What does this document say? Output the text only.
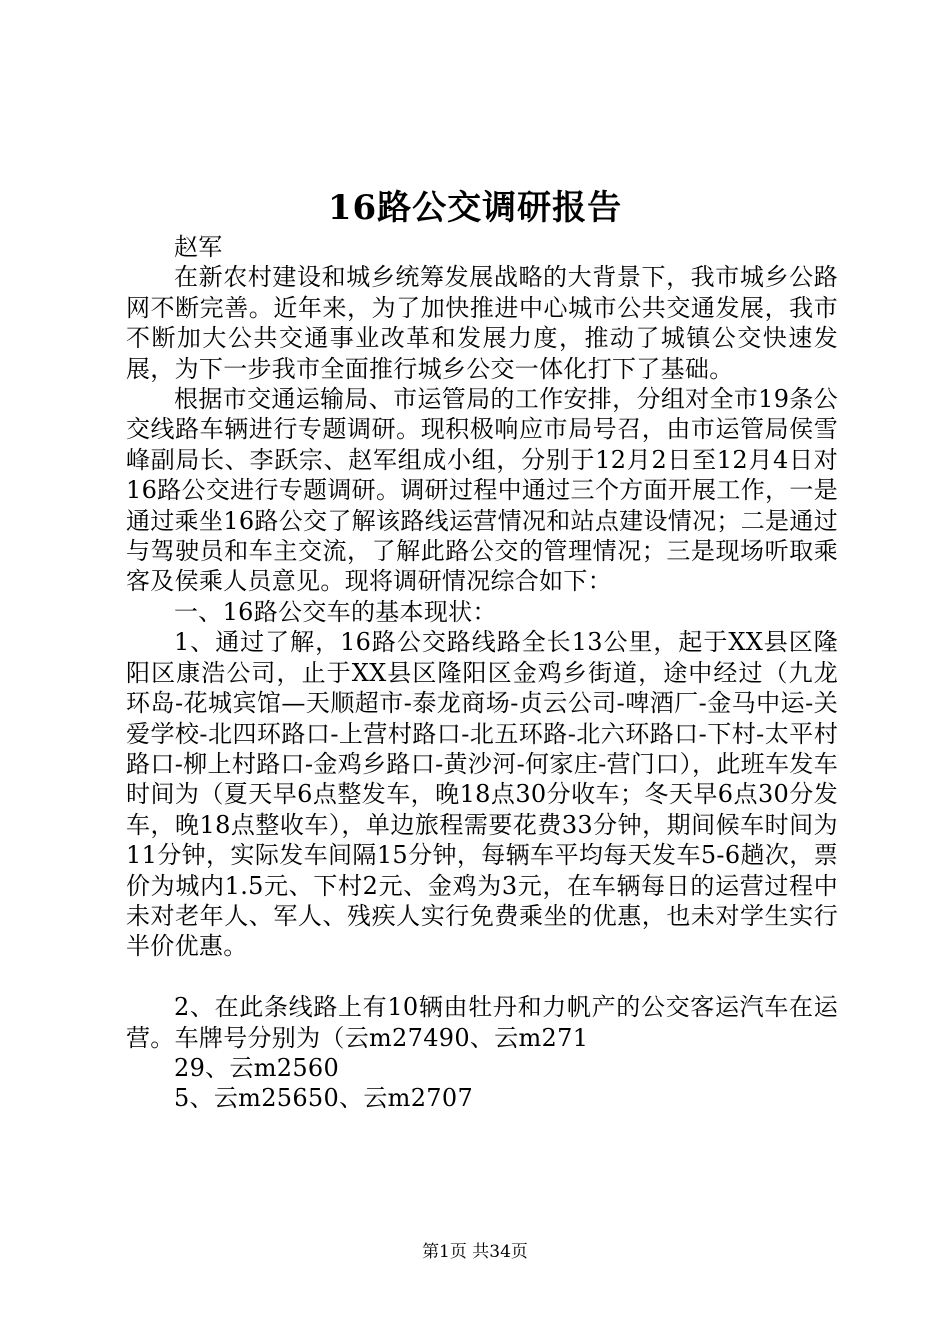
16路公交调研报告

赵军

在新农村建设和城乡统筹发展战略的大背景下，我市城乡公路网不断完善。近年来，为了加快推进中心城市公共交通发展，我市不断加大公共交通事业改革和发展力度，推动了城镇公交快速发展，为下一步我市全面推行城乡公交一体化打下了基础。

根据市交通运输局、市运管局的工作安排，分组对全市19条公交线路车辆进行专题调研。现积极响应市局号召，由市运管局侯雪峰副局长、李跃宗、赵军组成小组，分别于12月2日至12月4日对16路公交进行专题调研。调研过程中通过三个方面开展工作，一是通过乘坐16路公交了解该路线运营情况和站点建设情况；二是通过与驾驶员和车主交流，了解此路公交的管理情况；三是现场听取乘客及侯乘人员意见。现将调研情况综合如下：

一、16路公交车的基本现状：

1、通过了解，16路公交路线路全长13公里，起于XX县区隆阳区康浩公司，止于XX县区隆阳区金鸡乡街道，途中经过（九龙环岛-花城宾馆—天顺超市-泰龙商场-贞云公司-啤酒厂-金马中运-关爱学校-北四环路口-上营村路口-北五环路-北六环路口-下村-太平村路口-柳上村路口-金鸡乡路口-黄沙河-何家庄-营门口），此班车发车时间为（夏天早6点整发车，晚18点30分收车；冬天早6点30分发车，晚18点整收车），单边旅程需要花费33分钟，期间候车时间为11分钟，实际发车间隔15分钟，每辆车平均每天发车5-6趟次，票价为城内1.5元、下村2元、金鸡为3元，在车辆每日的运营过程中未对老年人、军人、残疾人实行免费乘坐的优惠，也未对学生实行半价优惠。

2、在此条线路上有10辆由牡丹和力帆产的公交客运汽车在运营。车牌号分别为（云m27490、云m271

29、云m2560

5、云m25650、云m2707

第1页 共34页
